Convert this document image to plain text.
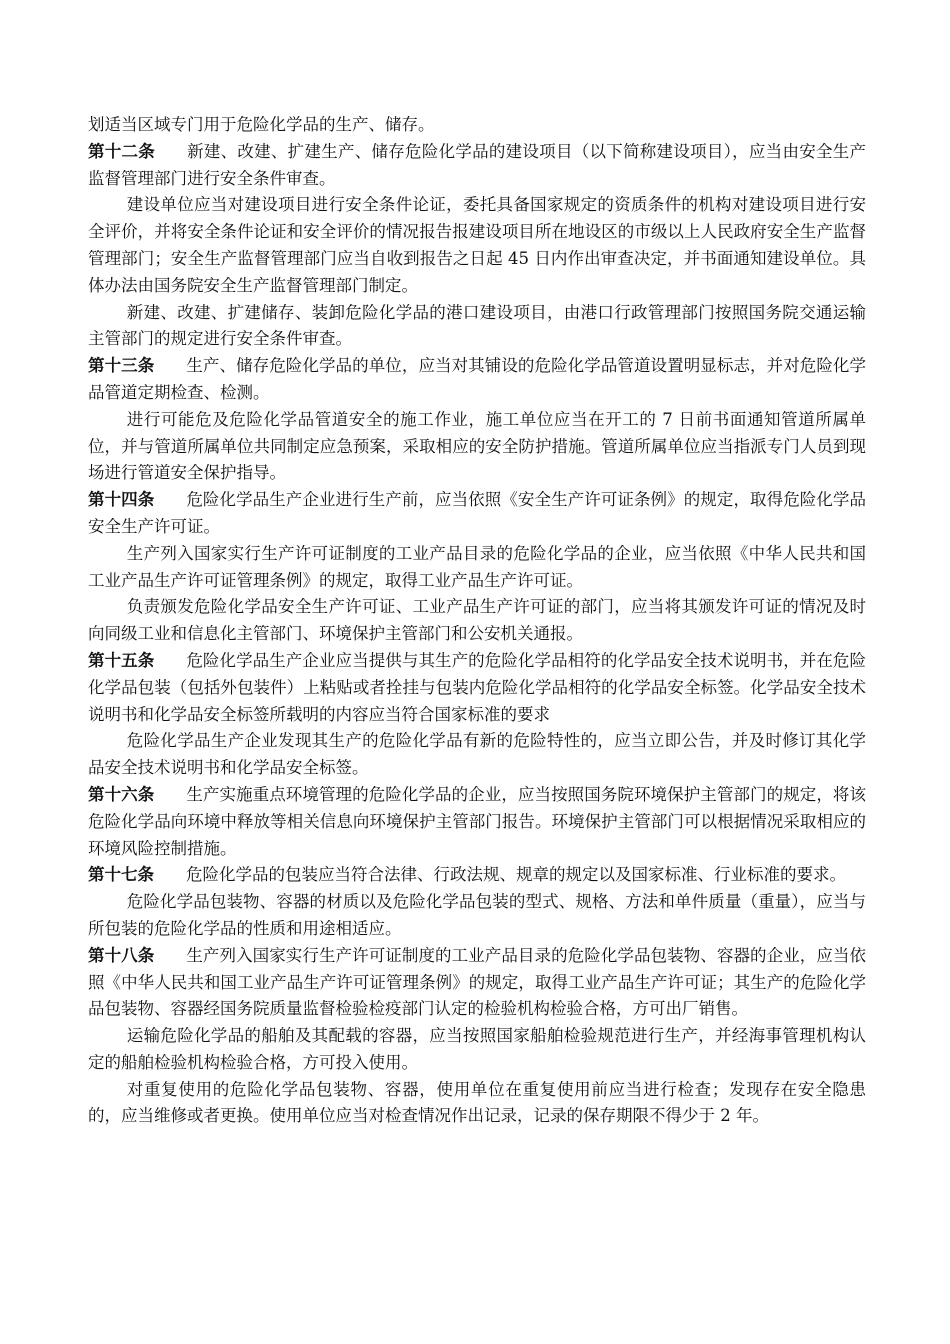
划适当区域专门用于危险化学品的生产、储存。

第十二条 新建、改建、扩建生产、储存危险化学品的建设项目（以下简称建设项目），应当由安全生产监督管理部门进行安全条件审查。

建设单位应当对建设项目进行安全条件论证，委托具备国家规定的资质条件的机构对建设项目进行安全评价，并将安全条件论证和安全评价的情况报告报建设项目所在地设区的市级以上人民政府安全生产监督管理部门；安全生产监督管理部门应当自收到报告之日起 45 日内作出审查决定，并书面通知建设单位。具体办法由国务院安全生产监督管理部门制定。

新建、改建、扩建储存、装卸危险化学品的港口建设项目，由港口行政管理部门按照国务院交通运输主管部门的规定进行安全条件审查。

第十三条 生产、储存危险化学品的单位，应当对其铺设的危险化学品管道设置明显标志，并对危险化学品管道定期检查、检测。

进行可能危及危险化学品管道安全的施工作业，施工单位应当在开工的 7 日前书面通知管道所属单位，并与管道所属单位共同制定应急预案，采取相应的安全防护措施。管道所属单位应当指派专门人员到现场进行管道安全保护指导。

第十四条 危险化学品生产企业进行生产前，应当依照《安全生产许可证条例》的规定，取得危险化学品安全生产许可证。

生产列入国家实行生产许可证制度的工业产品目录的危险化学品的企业，应当依照《中华人民共和国工业产品生产许可证管理条例》的规定，取得工业产品生产许可证。

负责颁发危险化学品安全生产许可证、工业产品生产许可证的部门，应当将其颁发许可证的情况及时向同级工业和信息化主管部门、环境保护主管部门和公安机关通报。

第十五条 危险化学品生产企业应当提供与其生产的危险化学品相符的化学品安全技术说明书，并在危险化学品包装（包括外包装件）上粘贴或者拴挂与包装内危险化学品相符的化学品安全标签。化学品安全技术说明书和化学品安全标签所载明的内容应当符合国家标准的要求

危险化学品生产企业发现其生产的危险化学品有新的危险特性的，应当立即公告，并及时修订其化学品安全技术说明书和化学品安全标签。

第十六条 生产实施重点环境管理的危险化学品的企业，应当按照国务院环境保护主管部门的规定，将该危险化学品向环境中释放等相关信息向环境保护主管部门报告。环境保护主管部门可以根据情况采取相应的环境风险控制措施。

第十七条 危险化学品的包装应当符合法律、行政法规、规章的规定以及国家标准、行业标准的要求。

危险化学品包装物、容器的材质以及危险化学品包装的型式、规格、方法和单件质量（重量），应当与所包装的危险化学品的性质和用途相适应。

第十八条 生产列入国家实行生产许可证制度的工业产品目录的危险化学品包装物、容器的企业，应当依照《中华人民共和国工业产品生产许可证管理条例》的规定，取得工业产品生产许可证；其生产的危险化学品包装物、容器经国务院质量监督检验检疫部门认定的检验机构检验合格，方可出厂销售。

运输危险化学品的船舶及其配载的容器，应当按照国家船舶检验规范进行生产，并经海事管理机构认定的船舶检验机构检验合格，方可投入使用。

对重复使用的危险化学品包装物、容器，使用单位在重复使用前应当进行检查；发现存在安全隐患的，应当维修或者更换。使用单位应当对检查情况作出记录，记录的保存期限不得少于 2 年。
